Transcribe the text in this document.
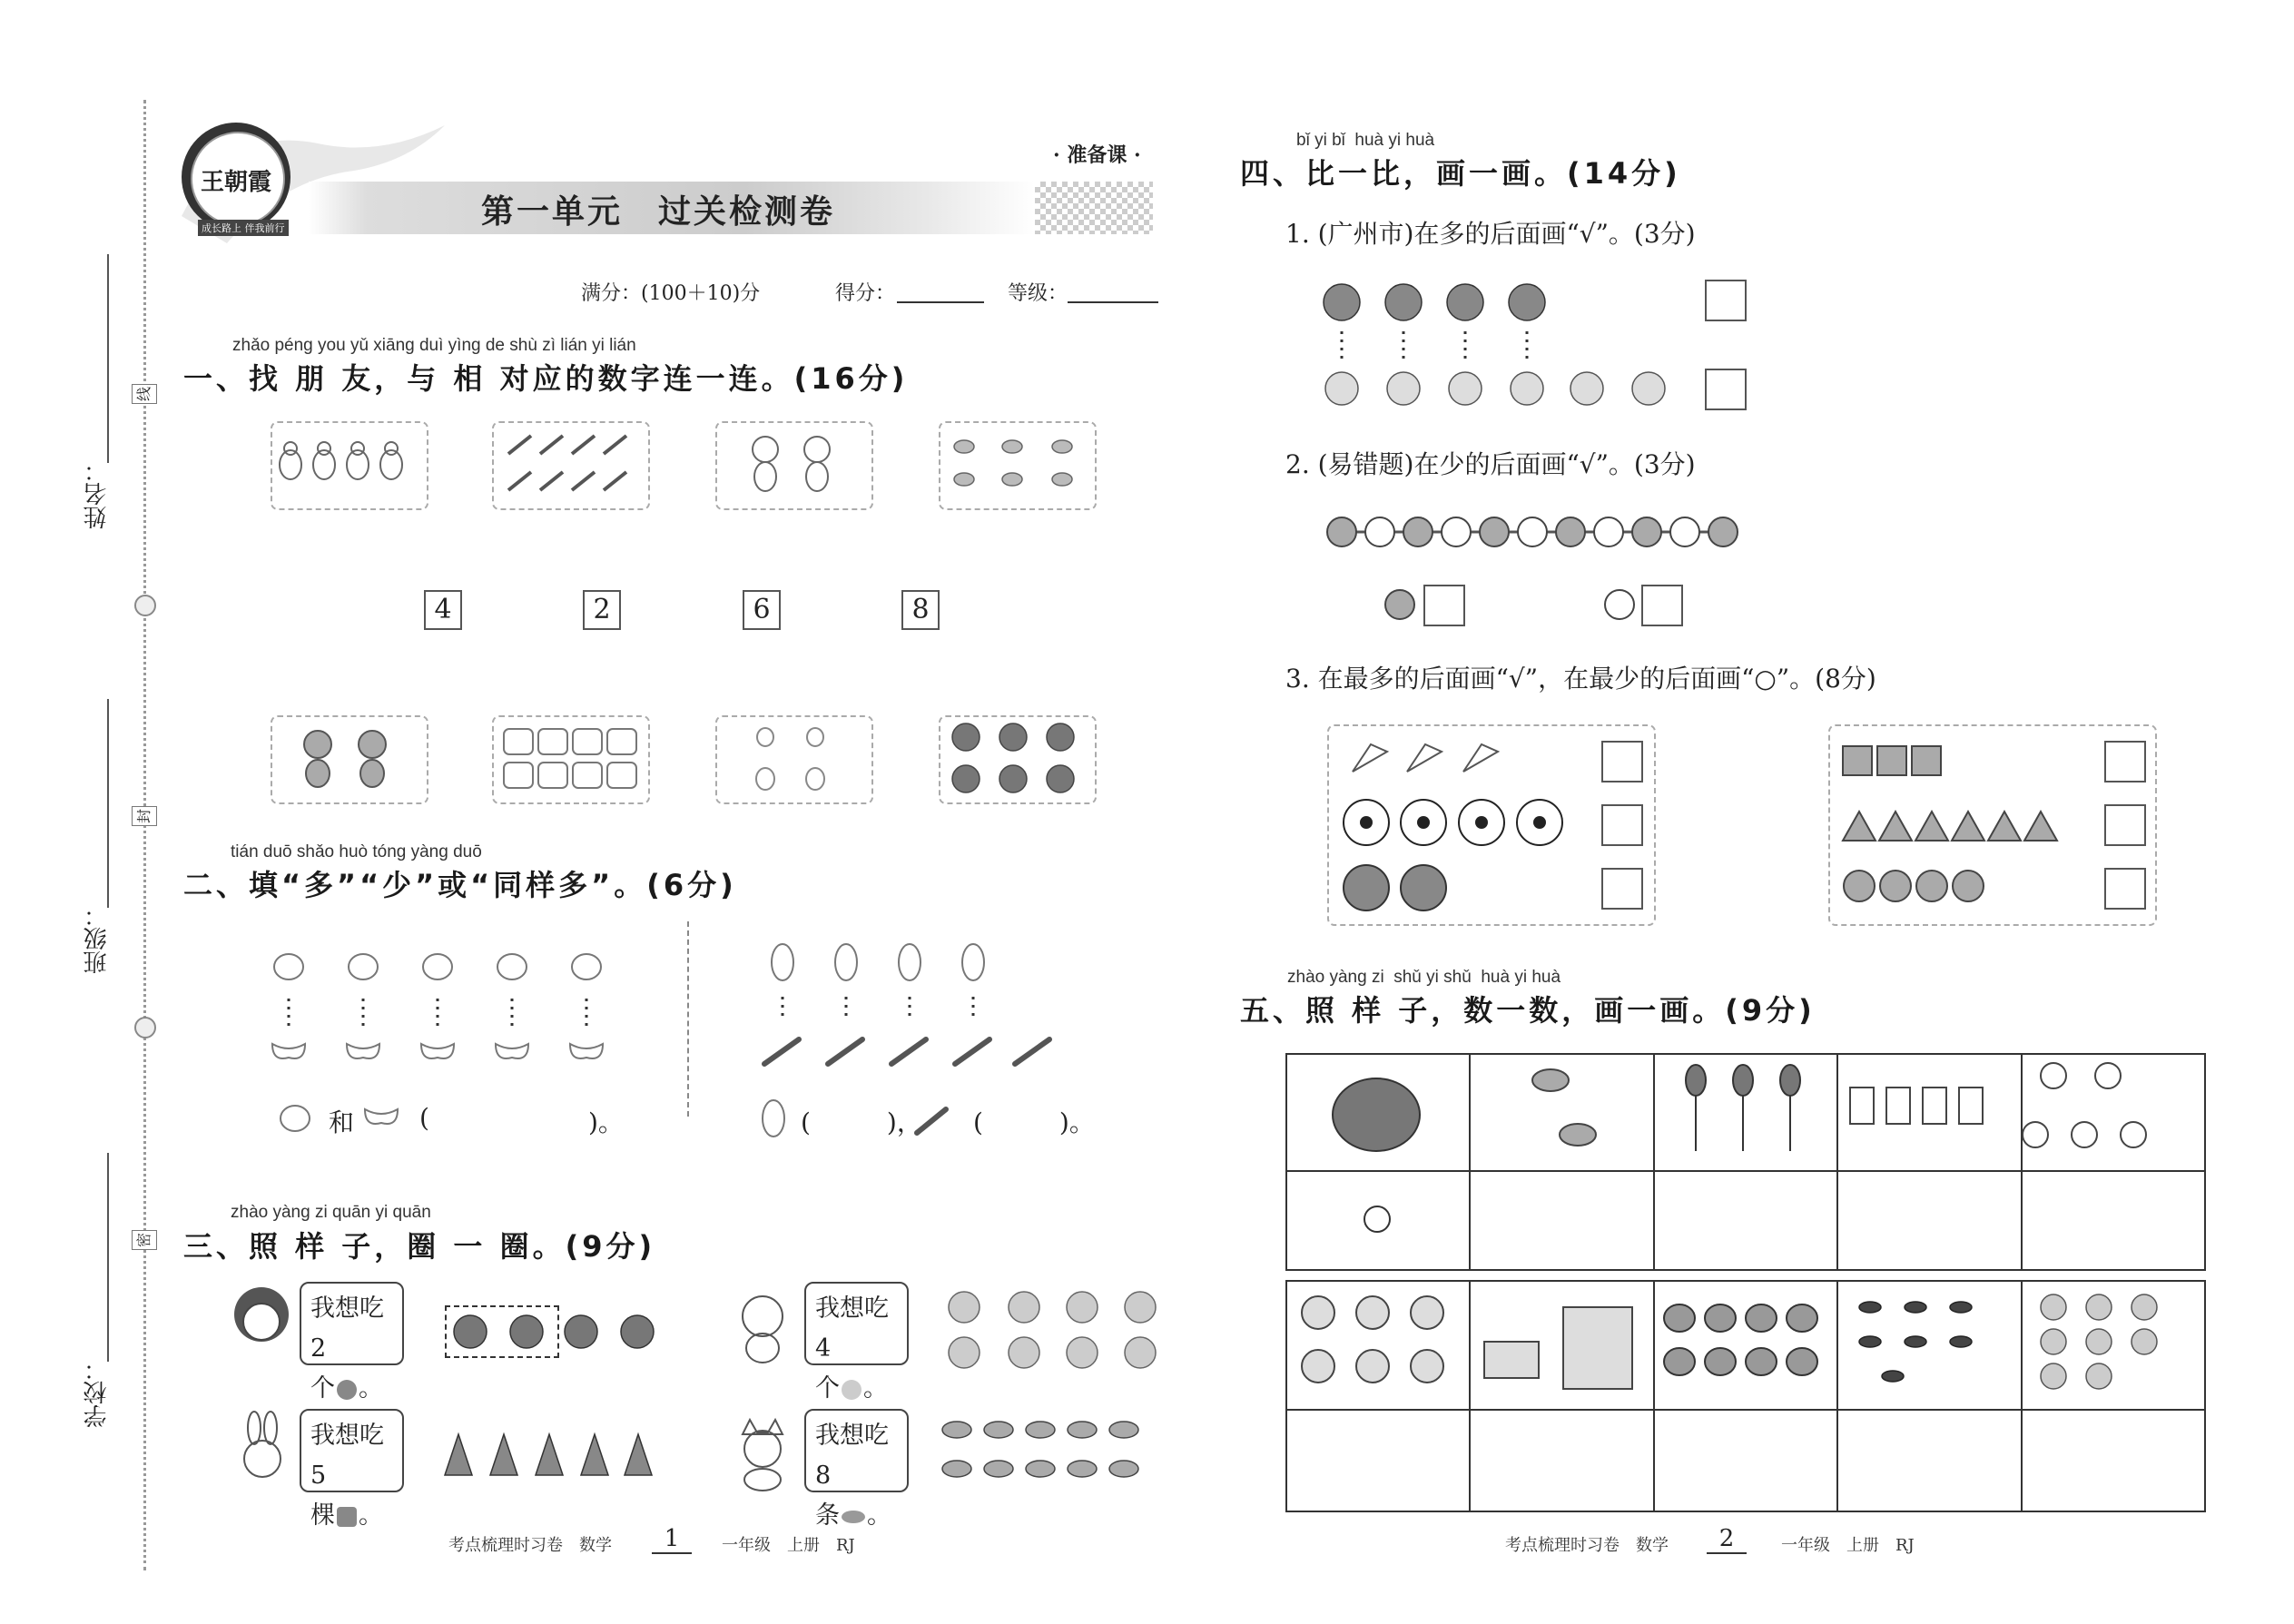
姓名：
班级：
学校：
线
封
密
王朝霞
成长路上 伴我前行
· 准备课 ·
第一单元　过关检测卷
满分：(100＋10)分	得分：	等级：
zhǎo péng you yǔ xiāng duì yìng de shù zì lián yi lián
一、找 朋 友，与 相 对应的数字连一连。(16分)
4	2	6	8
tián duō shǎo huò tóng yàng duō
二、填“多”“少”或“同样多”。(6分)
和	(	)。	(　　　)， (　　　)。
zhào yàng zi quān yi quān
三、照 样 子，圈 一 圈。(9分)
我想吃2
个 。
我想吃4
个 。
我想吃5
棵 。
我想吃8
条 。
考点梳理时习卷　数学	1	一年级　上册　RJ
bǐ yi bǐ  huà yi huà
四、比一比，画一画。(14分)
1. (广州市)在多的后面画“√”。(3分)
2. (易错题)在少的后面画“√”。(3分)
3. 在最多的后面画“√”，在最少的后面画“○”。(8分)
zhào yàng zi  shǔ yi shǔ  huà yi huà
五、照 样 子，数一数，画一画。(9分)

考点梳理时习卷　数学	2	一年级　上册　RJ
